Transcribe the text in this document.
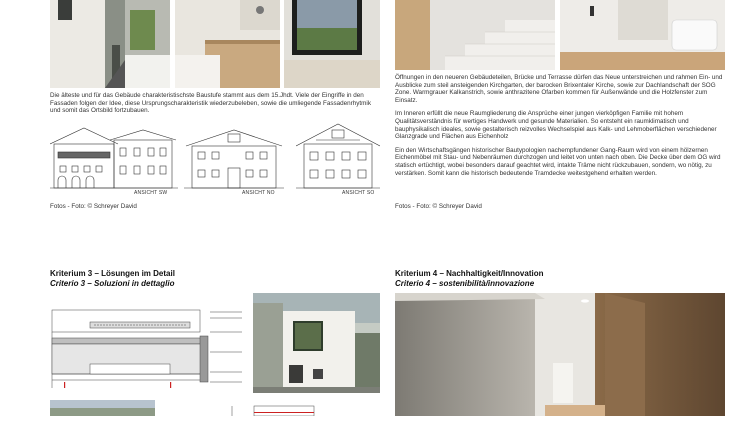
Die älteste und für das Gebäude charakteristischste Baustufe stammt aus dem 15.Jhdt. Viele der Eingriffe in den Fassaden folgen der Idee, diese Ursprungscharakteristik wiederzubeleben, sowie die umliegende Fassadenrhytmik und somit das Ortsbild fortzubauen.
ANSICHT SW	ANSICHT NO	ANSICHT SO
Fotos - Foto: © Schreyer David

Öffnungen in den neueren Gebäudeteilen, Brücke und Terrasse dürfen das Neue unterstreichen und rahmen Ein- und Ausblicke zum steil ansteigenden Kirchgarten, der barocken Brixentaler Kirche, sowie zur Dachlandschaft der SOG Zone. Warmgrauer Kalkanstrich, sowie anthrazitene Ofarben kommen für Außenwände und die Holzfenster zum Einsatz.

Im Inneren erfüllt die neue Raumgliederung die Ansprüche einer jungen vierköpfigen Familie mit hohem Qualitätsverständnis für wertiges Handwerk und gesunde Materialien. So entsteht ein raumklimatisch und bauphysikalisch ideales, sowie gestalterisch reizvolles Wechselspiel aus Kalk- und Lehmoberflächen verschiedener Glanzgrade und Flächen aus Eichenholz

Ein den Wirtschaftsgängen historischer Bautypologien nachempfundener Gang-Raum wird von einem hölzernen Eichenmöbel mit Stau- und Nebenräumen durchzogen und leitet von unten nach oben. Die Decke über dem OG wird statisch ertüchtigt, wobei besonders darauf geachtet wird, intakte Träme nicht rückzubauen, sondern, wo nötig, zu verstärken. Somit kann die historisch bedeutende Tramdecke weitestgehend erhalten werden.

Fotos - Foto: © Schreyer David
Kriterium 3 – Lösungen im Detail
Criterio 3 – Soluzioni in dettaglio
Kriterium 4 – Nachhaltigkeit/Innovation
Criterio 4 – sostenibilità/innovazione
